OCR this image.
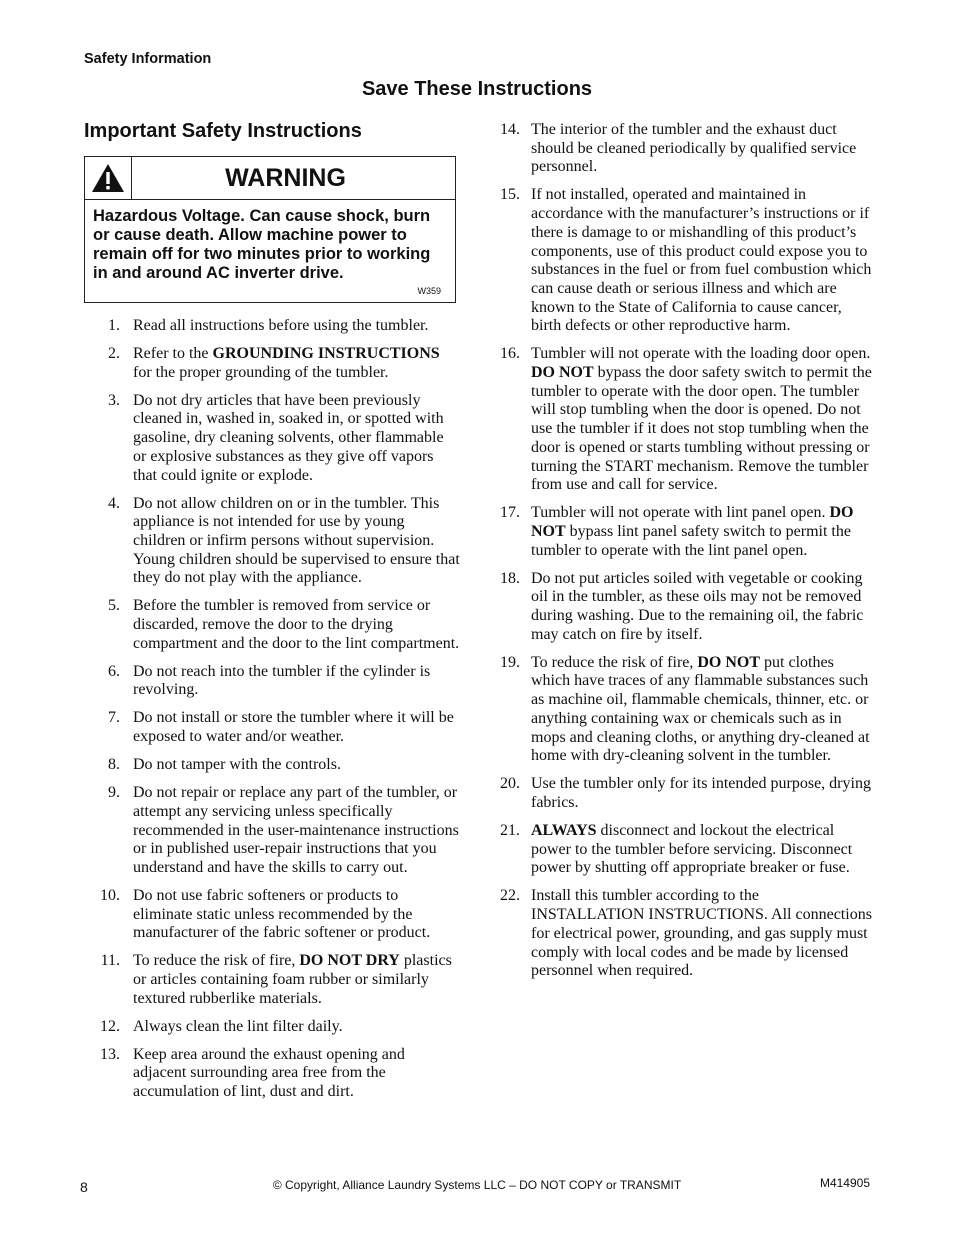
Safety Information
Save These Instructions
Important Safety Instructions
WARNING
Hazardous Voltage. Can cause shock, burn or cause death. Allow machine power to remain off for two minutes prior to working in and around AC inverter drive.
W359
1. Read all instructions before using the tumbler.
2. Refer to the GROUNDING INSTRUCTIONS for the proper grounding of the tumbler.
3. Do not dry articles that have been previously cleaned in, washed in, soaked in, or spotted with gasoline, dry cleaning solvents, other flammable or explosive substances as they give off vapors that could ignite or explode.
4. Do not allow children on or in the tumbler. This appliance is not intended for use by young children or infirm persons without supervision. Young children should be supervised to ensure that they do not play with the appliance.
5. Before the tumbler is removed from service or discarded, remove the door to the drying compartment and the door to the lint compartment.
6. Do not reach into the tumbler if the cylinder is revolving.
7. Do not install or store the tumbler where it will be exposed to water and/or weather.
8. Do not tamper with the controls.
9. Do not repair or replace any part of the tumbler, or attempt any servicing unless specifically recommended in the user-maintenance instructions or in published user-repair instructions that you understand and have the skills to carry out.
10. Do not use fabric softeners or products to eliminate static unless recommended by the manufacturer of the fabric softener or product.
11. To reduce the risk of fire, DO NOT DRY plastics or articles containing foam rubber or similarly textured rubberlike materials.
12. Always clean the lint filter daily.
13. Keep area around the exhaust opening and adjacent surrounding area free from the accumulation of lint, dust and dirt.
14. The interior of the tumbler and the exhaust duct should be cleaned periodically by qualified service personnel.
15. If not installed, operated and maintained in accordance with the manufacturer’s instructions or if there is damage to or mishandling of this product’s components, use of this product could expose you to substances in the fuel or from fuel combustion which can cause death or serious illness and which are known to the State of California to cause cancer, birth defects or other reproductive harm.
16. Tumbler will not operate with the loading door open. DO NOT bypass the door safety switch to permit the tumbler to operate with the door open. The tumbler will stop tumbling when the door is opened. Do not use the tumbler if it does not stop tumbling when the door is opened or starts tumbling without pressing or turning the START mechanism. Remove the tumbler from use and call for service.
17. Tumbler will not operate with lint panel open. DO NOT bypass lint panel safety switch to permit the tumbler to operate with the lint panel open.
18. Do not put articles soiled with vegetable or cooking oil in the tumbler, as these oils may not be removed during washing. Due to the remaining oil, the fabric may catch on fire by itself.
19. To reduce the risk of fire, DO NOT put clothes which have traces of any flammable substances such as machine oil, flammable chemicals, thinner, etc. or anything containing wax or chemicals such as in mops and cleaning cloths, or anything dry-cleaned at home with dry-cleaning solvent in the tumbler.
20. Use the tumbler only for its intended purpose, drying fabrics.
21. ALWAYS disconnect and lockout the electrical power to the tumbler before servicing. Disconnect power by shutting off appropriate breaker or fuse.
22. Install this tumbler according to the INSTALLATION INSTRUCTIONS. All connections for electrical power, grounding, and gas supply must comply with local codes and be made by licensed personnel when required.
8	© Copyright, Alliance Laundry Systems LLC – DO NOT COPY or TRANSMIT	M414905
